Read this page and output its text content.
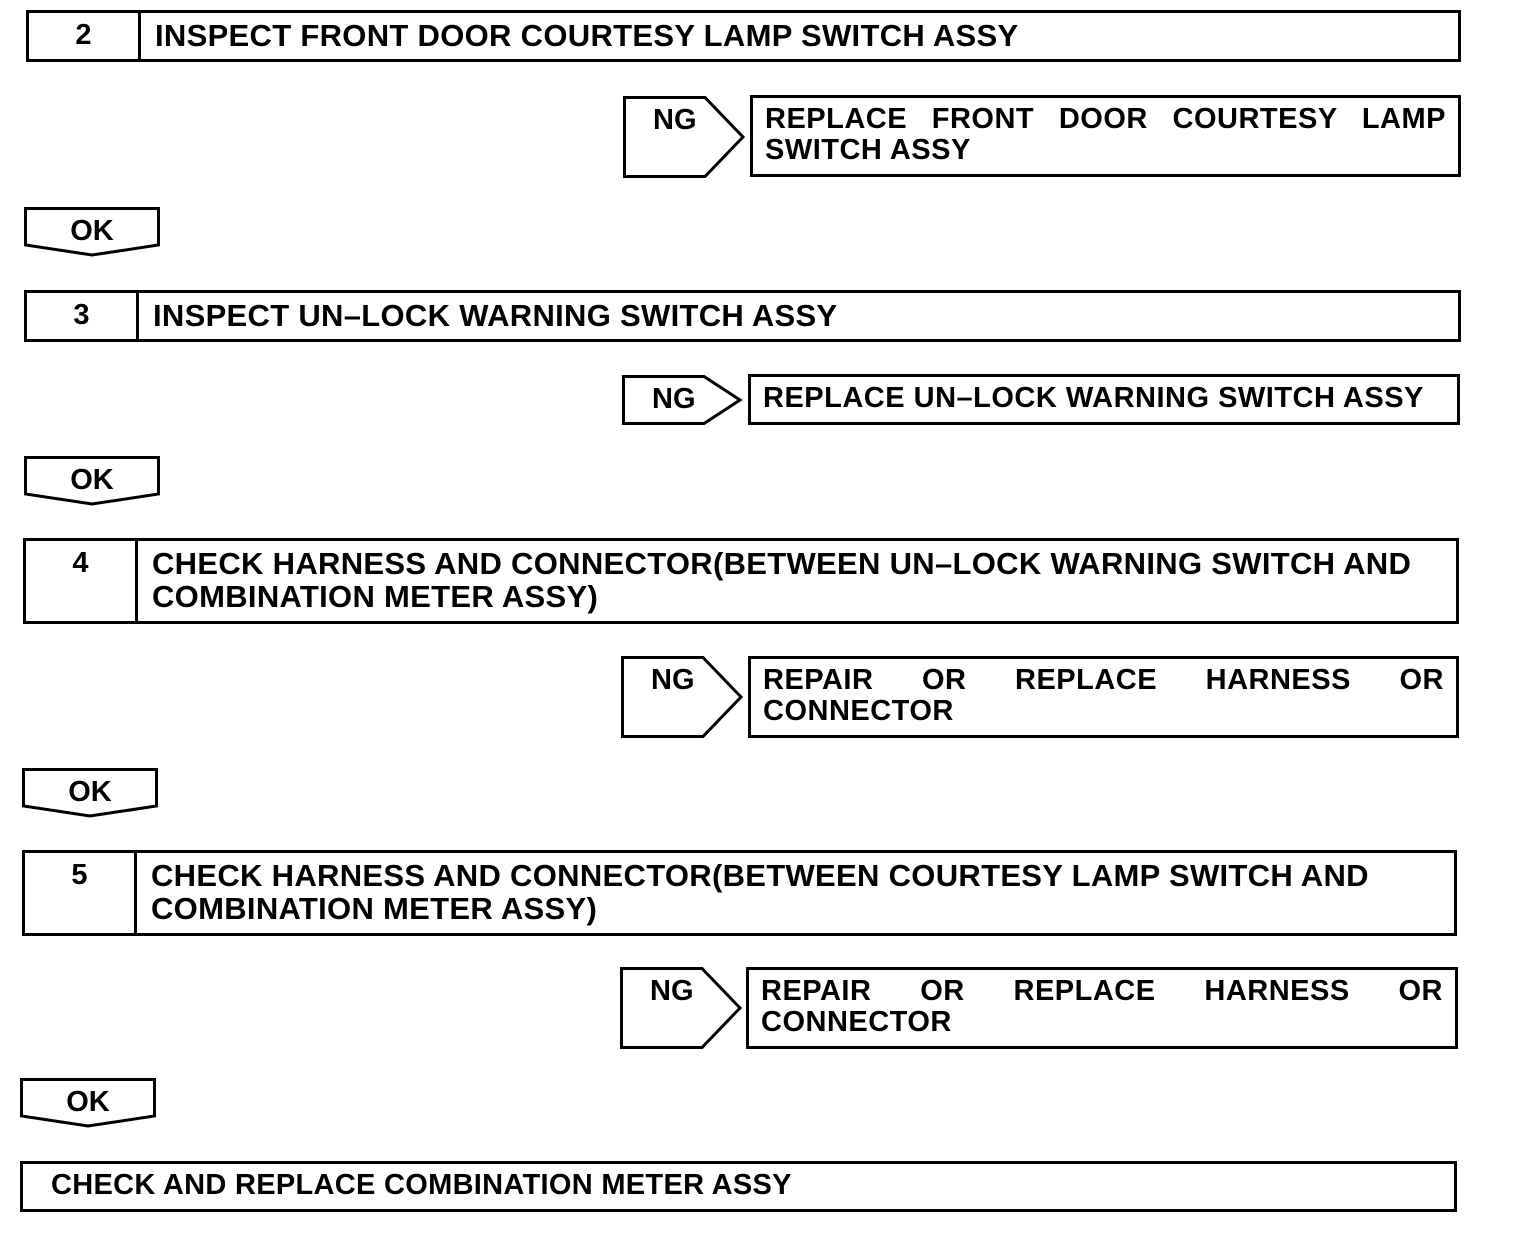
2	INSPECT FRONT DOOR COURTESY LAMP SWITCH ASSY
NG REPLACE FRONT DOOR COURTESY LAMP SWITCH ASSY
OK
3	INSPECT UN–LOCK WARNING SWITCH ASSY
NG REPLACE UN–LOCK WARNING SWITCH ASSY
OK
4	CHECK HARNESS AND CONNECTOR(BETWEEN UN–LOCK WARNING SWITCH AND COMBINATION METER ASSY)
NG REPAIR OR REPLACE HARNESS OR CONNECTOR
OK
5	CHECK HARNESS AND CONNECTOR(BETWEEN COURTESY LAMP SWITCH AND COMBINATION METER ASSY)
NG REPAIR OR REPLACE HARNESS OR CONNECTOR
OK
CHECK AND REPLACE COMBINATION METER ASSY
